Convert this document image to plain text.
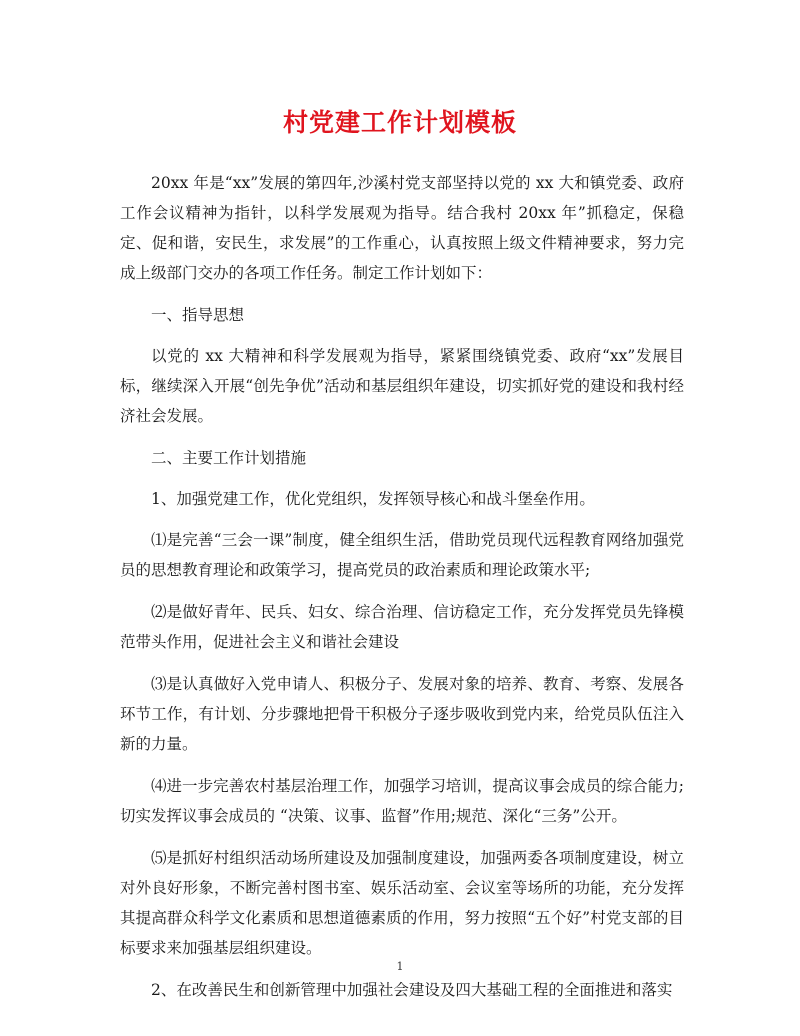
村党建工作计划模板

20xx 年是“xx”发展的第四年,沙溪村党支部坚持以党的 xx 大和镇党委、政府工作会议精神为指针，以科学发展观为指导。结合我村 20xx 年”抓稳定，保稳定、促和谐，安民生，求发展”的工作重心，认真按照上级文件精神要求，努力完成上级部门交办的各项工作任务。制定工作计划如下：

一、指导思想

以党的 xx 大精神和科学发展观为指导，紧紧围绕镇党委、政府“xx”发展目标，继续深入开展“创先争优”活动和基层组织年建设，切实抓好党的建设和我村经济社会发展。

二、主要工作计划措施

1、加强党建工作，优化党组织，发挥领导核心和战斗堡垒作用。

⑴是完善“三会一课”制度，健全组织生活，借助党员现代远程教育网络加强党员的思想教育理论和政策学习，提高党员的政治素质和理论政策水平;

⑵是做好青年、民兵、妇女、综合治理、信访稳定工作，充分发挥党员先锋模范带头作用，促进社会主义和谐社会建设

⑶是认真做好入党申请人、积极分子、发展对象的培养、教育、考察、发展各环节工作，有计划、分步骤地把骨干积极分子逐步吸收到党内来，给党员队伍注入新的力量。

⑷进一步完善农村基层治理工作，加强学习培训，提高议事会成员的综合能力;切实发挥议事会成员的 “决策、议事、监督”作用;规范、深化“三务”公开。

⑸是抓好村组织活动场所建设及加强制度建设，加强两委各项制度建设，树立对外良好形象，不断完善村图书室、娱乐活动室、会议室等场所的功能，充分发挥其提高群众科学文化素质和思想道德素质的作用，努力按照“五个好”村党支部的目标要求来加强基层组织建设。

2、在改善民生和创新管理中加强社会建设及四大基础工程的全面推进和落实

1
